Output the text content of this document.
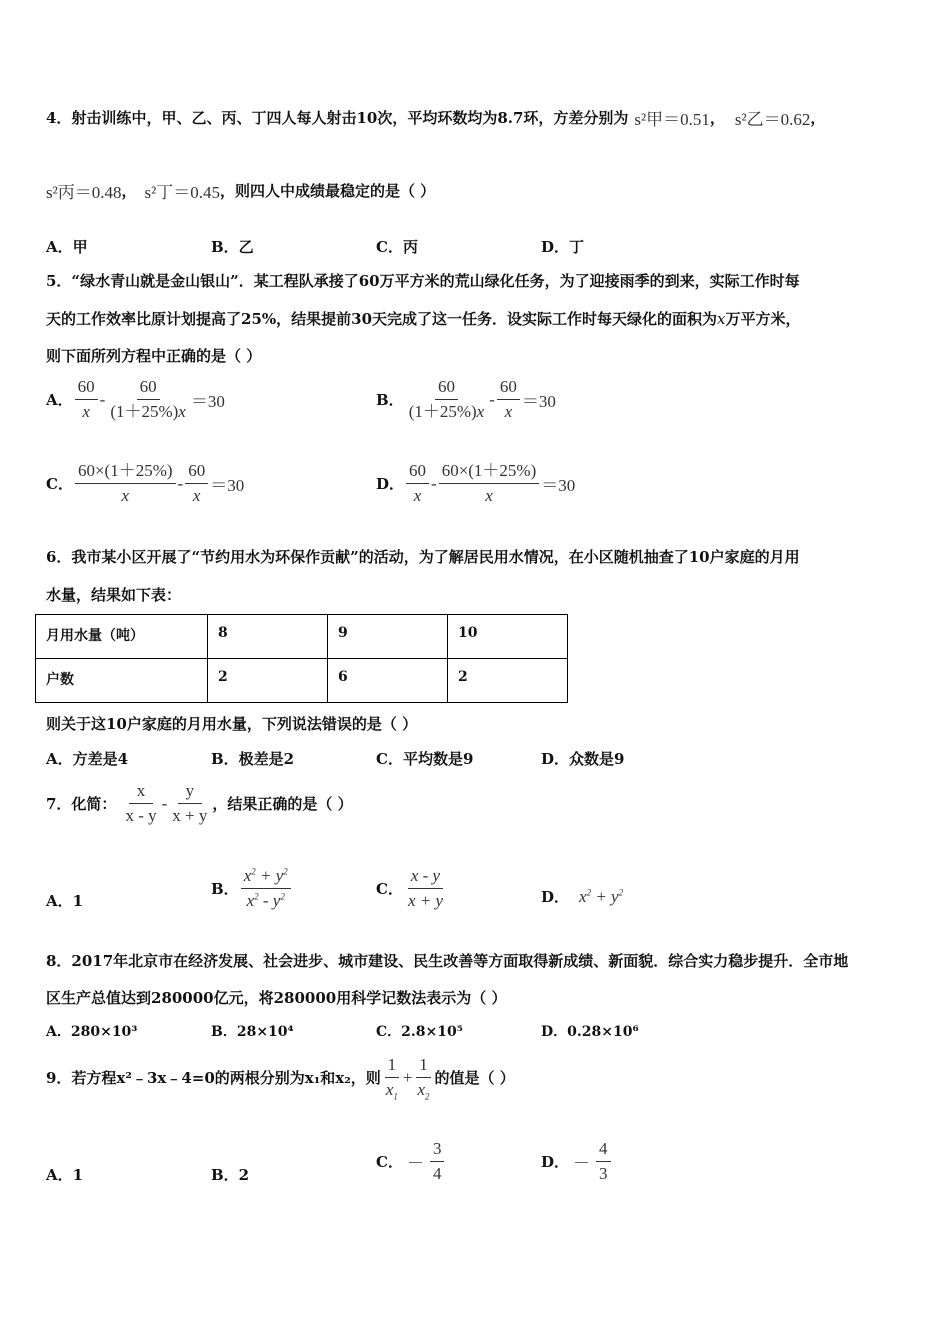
4．射击训练中，甲、乙、丙、丁四人每人射击10次，平均环数均为8.7环，方差分别为 s²甲＝0.51 ， s²乙＝0.62 ，
s²丙＝0.48 ， s²丁＝0.45 ，则四人中成绩最稳定的是（ ）
A．甲	B．乙	C．丙	D．丁
5．“绿水青山就是金山银山”．某工程队承接了60万平方米的荒山绿化任务，为了迎接雨季的到来，实际工作时每
天的工作效率比原计划提高了25%，结果提前30天完成了这一任务．设实际工作时每天绿化的面积为x万平方米，
则下面所列方程中正确的是（ ）
A． $\frac{60}{x} - \frac{60}{(1+25\%)x} =30$	B． $\frac{60}{(1+25\%)x} - \frac{60}{x} =30$
C． $\frac{60\times(1+25\%)}{x} - \frac{60}{x} =30$	D． $\frac{60}{x} - \frac{60\times(1+25\%)}{x} =30$
6．我市某小区开展了“节约用水为环保作贡献”的活动，为了解居民用水情况，在小区随机抽查了10户家庭的月用
水量，结果如下表：
月用水量（吨）	8	9	10
户数	2	6	2
则关于这10户家庭的月用水量，下列说法错误的是（ ）
A．方差是4	B．极差是2	C．平均数是9	D．众数是9
7．化简： $\frac{x}{x - y} - \frac{y}{x + y}$ ，结果正确的是（ ）
A．1
B． $\frac{x^2 + y^2}{x^2 - y^2}$	C． $\frac{x - y}{x + y}$	D． $x^2 + y^2$
8．2017年北京市在经济发展、社会进步、城市建设、民生改善等方面取得新成绩、新面貌．综合实力稳步提升．全市地
区生产总值达到280000亿元，将280000用科学记数法表示为（ ）
A．280×10³	B．28×10⁴	C．2.8×10⁵	D．0.28×10⁶
9．若方程x²﹣3x﹣4=0的两根分别为x₁和x₂，则 $\frac{1}{x_1} + \frac{1}{x_2}$ 的值是（ ）
A．1	B．2
C． － $\frac{3}{4}$	D． － $\frac{4}{3}$
